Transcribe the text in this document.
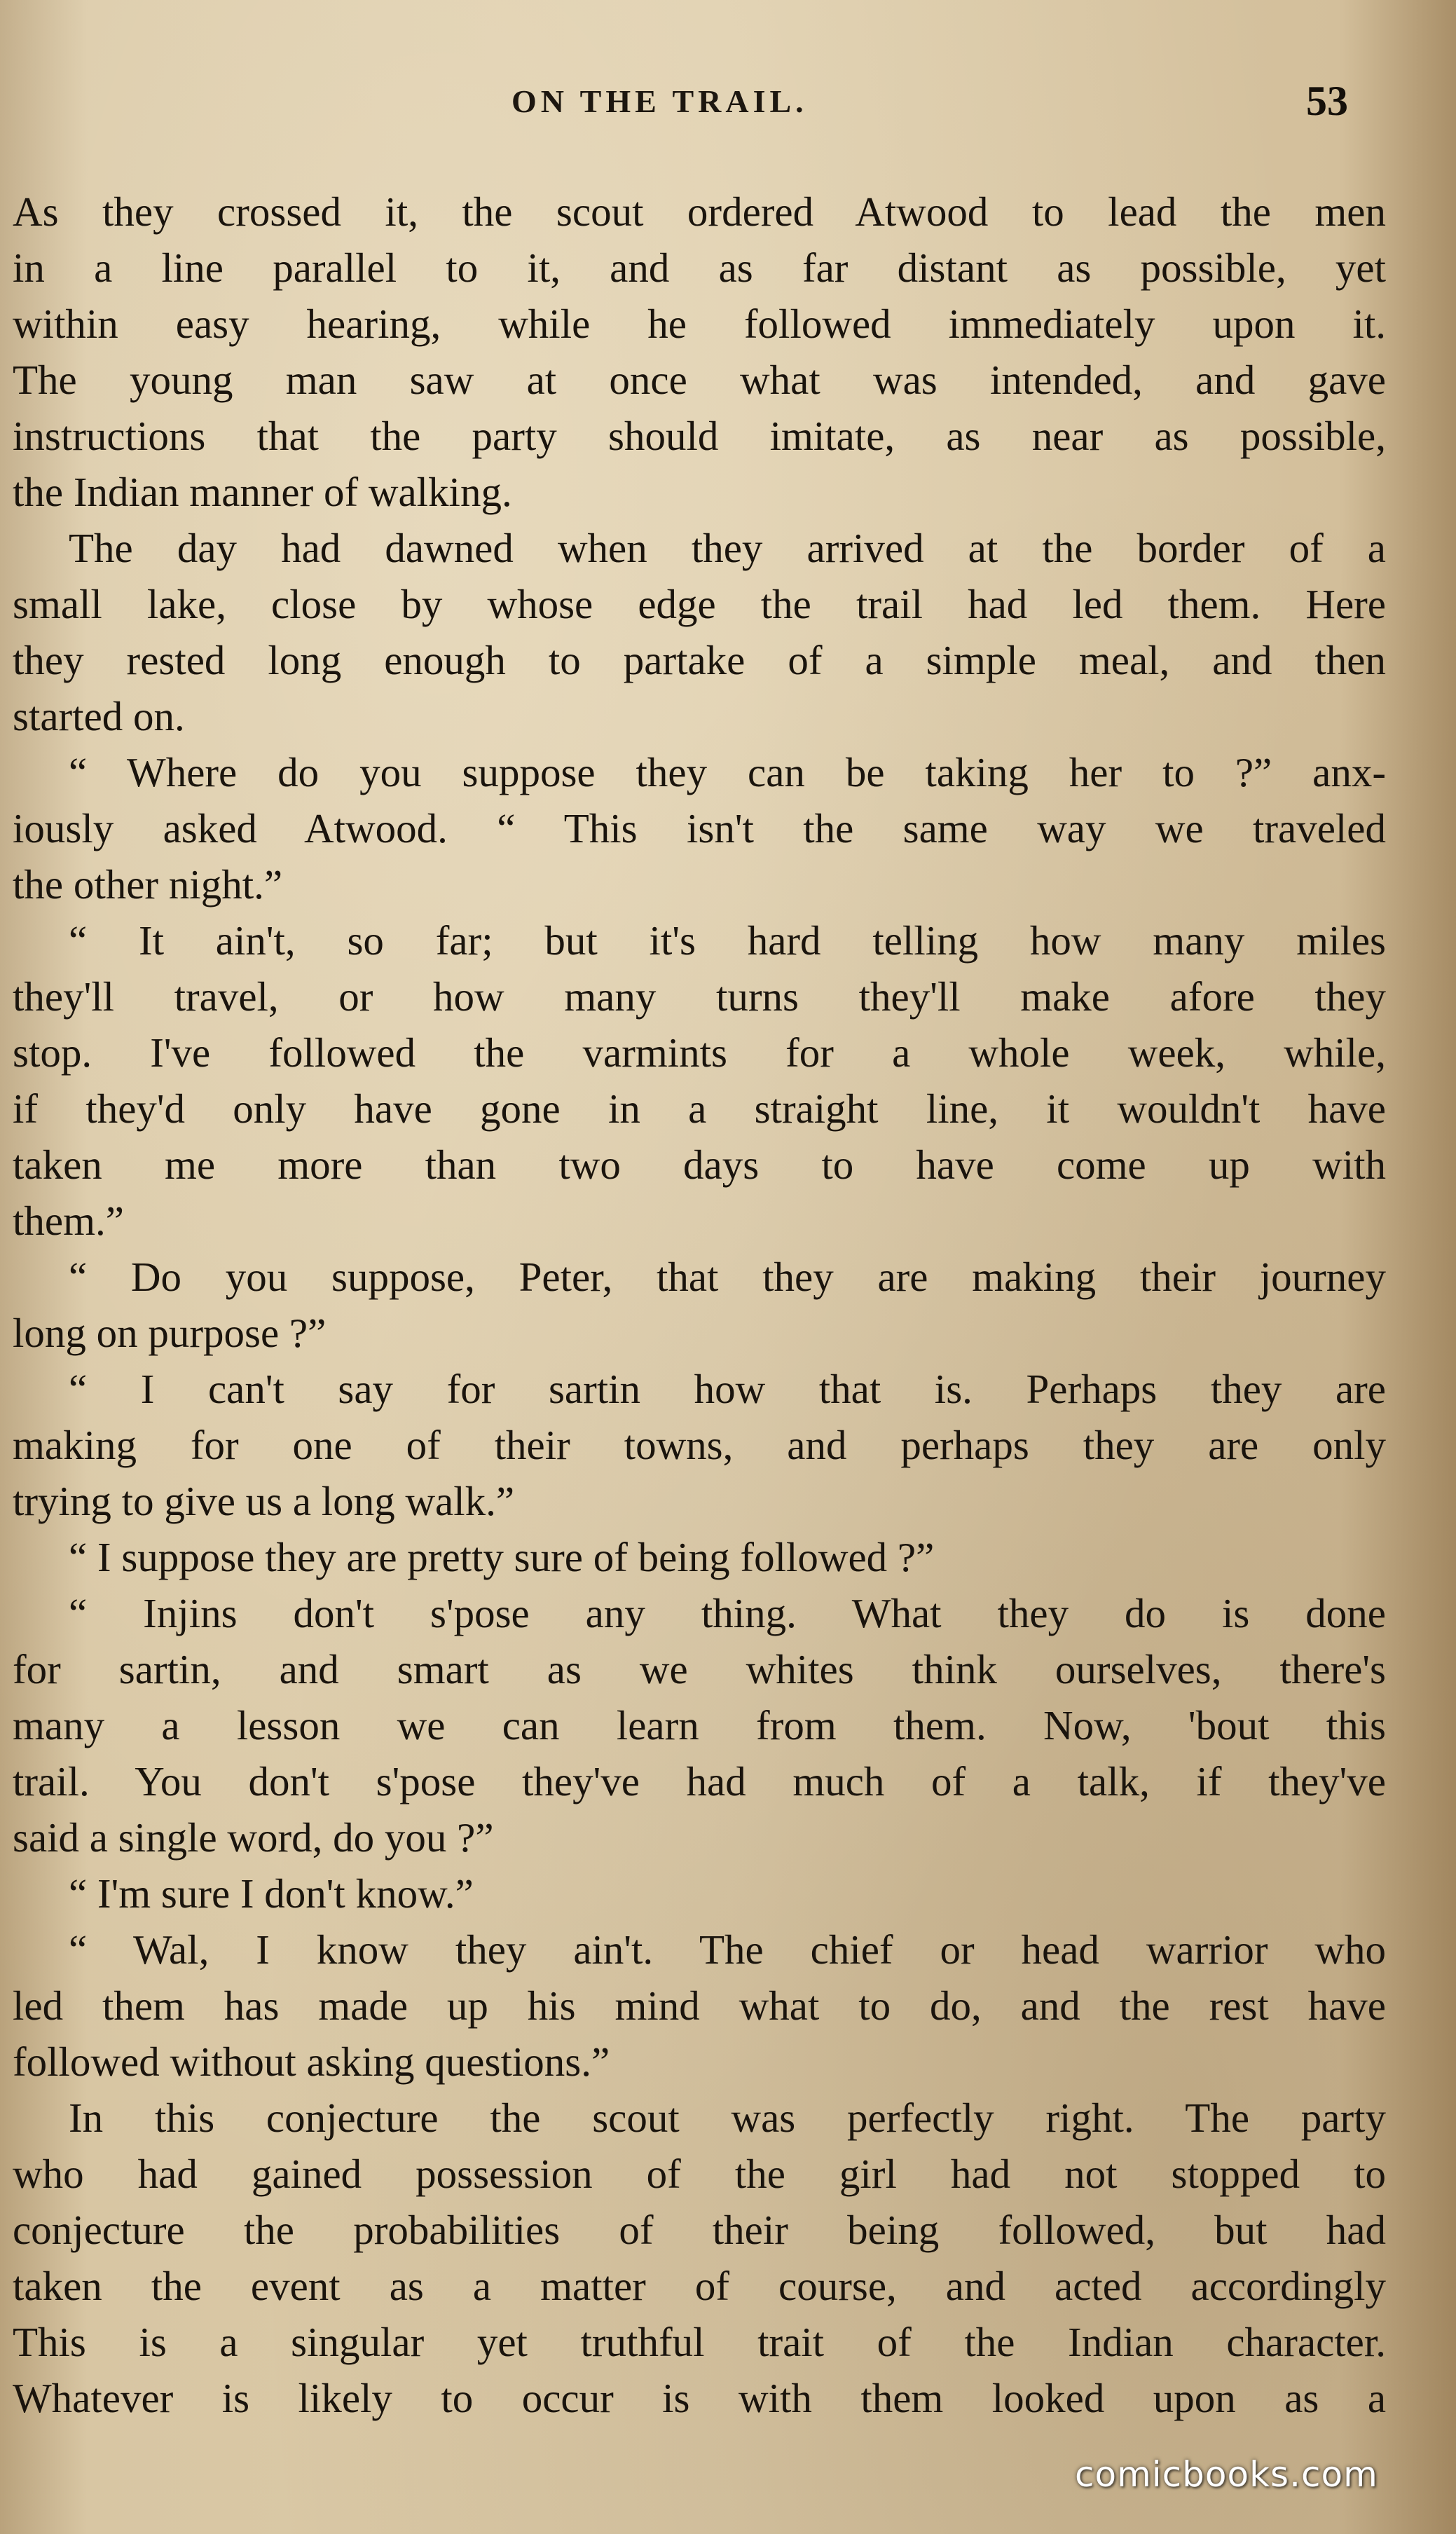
ON THE TRAIL.	53
As they crossed it, the scout ordered Atwood to lead the men
in a line parallel to it, and as far distant as possible, yet
within easy hearing, while he followed immediately upon it.
The young man saw at once what was intended, and gave
instructions that the party should imitate, as near as possible,
the Indian manner of walking.
The day had dawned when they arrived at the border of a
small lake, close by whose edge the trail had led them. Here
they rested long enough to partake of a simple meal, and then
started on.
“ Where do you suppose they can be taking her to ?” anx-
iously asked Atwood. “ This isn't the same way we traveled
the other night.”
“ It ain't, so far; but it's hard telling how many miles
they'll travel, or how many turns they'll make afore they
stop. I've followed the varmints for a whole week, while,
if they'd only have gone in a straight line, it wouldn't have
taken me more than two days to have come up with
them.”
“ Do you suppose, Peter, that they are making their journey
long on purpose ?”
“ I can't say for sartin how that is. Perhaps they are
making for one of their towns, and perhaps they are only
trying to give us a long walk.”
“ I suppose they are pretty sure of being followed ?”
“ Injins don't s'pose any thing. What they do is done
for sartin, and smart as we whites think ourselves, there's
many a lesson we can learn from them. Now, 'bout this
trail. You don't s'pose they've had much of a talk, if they've
said a single word, do you ?”
“ I'm sure I don't know.”
“ Wal, I know they ain't. The chief or head warrior who
led them has made up his mind what to do, and the rest have
followed without asking questions.”
In this conjecture the scout was perfectly right. The party
who had gained possession of the girl had not stopped to
conjecture the probabilities of their being followed, but had
taken the event as a matter of course, and acted accordingly
This is a singular yet truthful trait of the Indian character.
Whatever is likely to occur is with them looked upon as a
comicbooks.com
